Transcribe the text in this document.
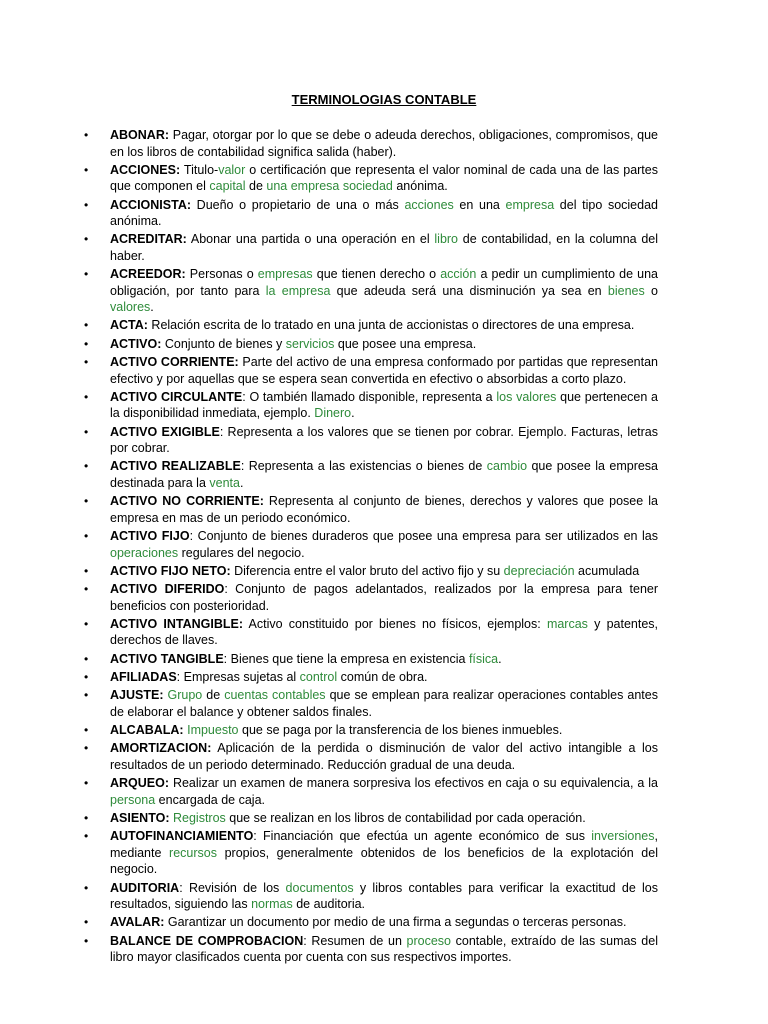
TERMINOLOGIAS CONTABLE
• ABONAR: Pagar, otorgar por lo que se debe o adeuda derechos, obligaciones, compromisos, que en los libros de contabilidad significa salida (haber).
• ACCIONES: Titulo-valor o certificación que representa el valor nominal de cada una de las partes que componen el capital de una empresa sociedad anónima.
• ACCIONISTA: Dueño o propietario de una o más acciones en una empresa del tipo sociedad anónima.
• ACREDITAR: Abonar una partida o una operación en el libro de contabilidad, en la columna del haber.
• ACREEDOR: Personas o empresas que tienen derecho o acción a pedir un cumplimiento de una obligación, por tanto para la empresa que adeuda será una disminución ya sea en bienes o valores.
• ACTA: Relación escrita de lo tratado en una junta de accionistas o directores de una empresa.
• ACTIVO: Conjunto de bienes y servicios que posee una empresa.
• ACTIVO CORRIENTE: Parte del activo de una empresa conformado por partidas que representan efectivo y por aquellas que se espera sean convertida en efectivo o absorbidas a corto plazo.
• ACTIVO CIRCULANTE: O también llamado disponible, representa a los valores que pertenecen a la disponibilidad inmediata, ejemplo. Dinero.
• ACTIVO EXIGIBLE: Representa a los valores que se tienen por cobrar. Ejemplo. Facturas, letras por cobrar.
• ACTIVO REALIZABLE: Representa a las existencias o bienes de cambio que posee la empresa destinada para la venta.
• ACTIVO NO CORRIENTE: Representa al conjunto de bienes, derechos y valores que posee la empresa en mas de un periodo económico.
• ACTIVO FIJO: Conjunto de bienes duraderos que posee una empresa para ser utilizados en las operaciones regulares del negocio.
• ACTIVO FIJO NETO: Diferencia entre el valor bruto del activo fijo y su depreciación acumulada
• ACTIVO DIFERIDO: Conjunto de pagos adelantados, realizados por la empresa para tener beneficios con posterioridad.
• ACTIVO INTANGIBLE: Activo constituido por bienes no físicos, ejemplos: marcas y patentes, derechos de llaves.
• ACTIVO TANGIBLE: Bienes que tiene la empresa en existencia física.
• AFILIADAS: Empresas sujetas al control común de obra.
• AJUSTE: Grupo de cuentas contables que se emplean para realizar operaciones contables antes de elaborar el balance y obtener saldos finales.
• ALCABALA: Impuesto que se paga por la transferencia de los bienes inmuebles.
• AMORTIZACION: Aplicación de la perdida o disminución de valor del activo intangible a los resultados de un periodo determinado. Reducción gradual de una deuda.
• ARQUEO: Realizar un examen de manera sorpresiva los efectivos en caja o su equivalencia, a la persona encargada de caja.
• ASIENTO: Registros que se realizan en los libros de contabilidad por cada operación.
• AUTOFINANCIAMIENTO: Financiación que efectúa un agente económico de sus inversiones, mediante recursos propios, generalmente obtenidos de los beneficios de la explotación del negocio.
• AUDITORIA: Revisión de los documentos y libros contables para verificar la exactitud de los resultados, siguiendo las normas de auditoria.
• AVALAR: Garantizar un documento por medio de una firma a segundas o terceras personas.
• BALANCE DE COMPROBACION: Resumen de un proceso contable, extraído de las sumas del libro mayor clasificados cuenta por cuenta con sus respectivos importes.
